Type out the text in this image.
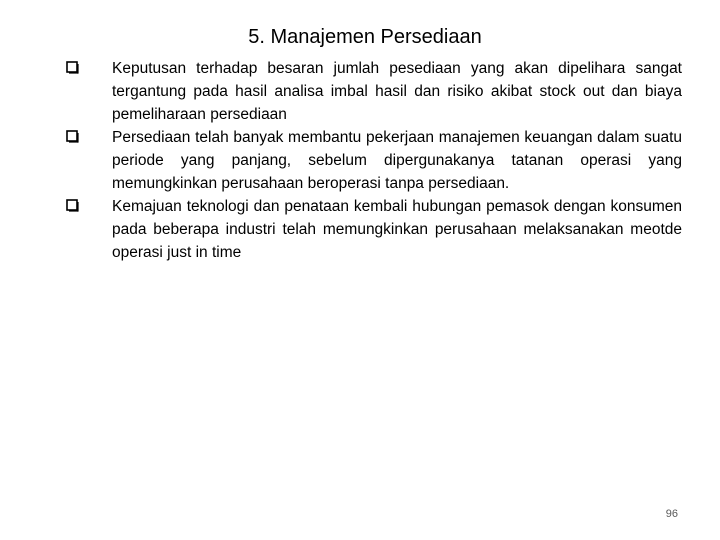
5. Manajemen Persediaan
Keputusan terhadap besaran jumlah pesediaan yang akan dipelihara sangat tergantung pada hasil analisa imbal hasil dan risiko akibat stock out dan biaya pemeliharaan persediaan
Persediaan telah banyak membantu pekerjaan manajemen keuangan dalam suatu periode yang panjang, sebelum dipergunakanya tatanan operasi yang memungkinkan perusahaan beroperasi tanpa persediaan.
Kemajuan teknologi dan penataan kembali hubungan pemasok dengan konsumen pada beberapa industri telah memungkinkan perusahaan melaksanakan meotde operasi just in time
96
